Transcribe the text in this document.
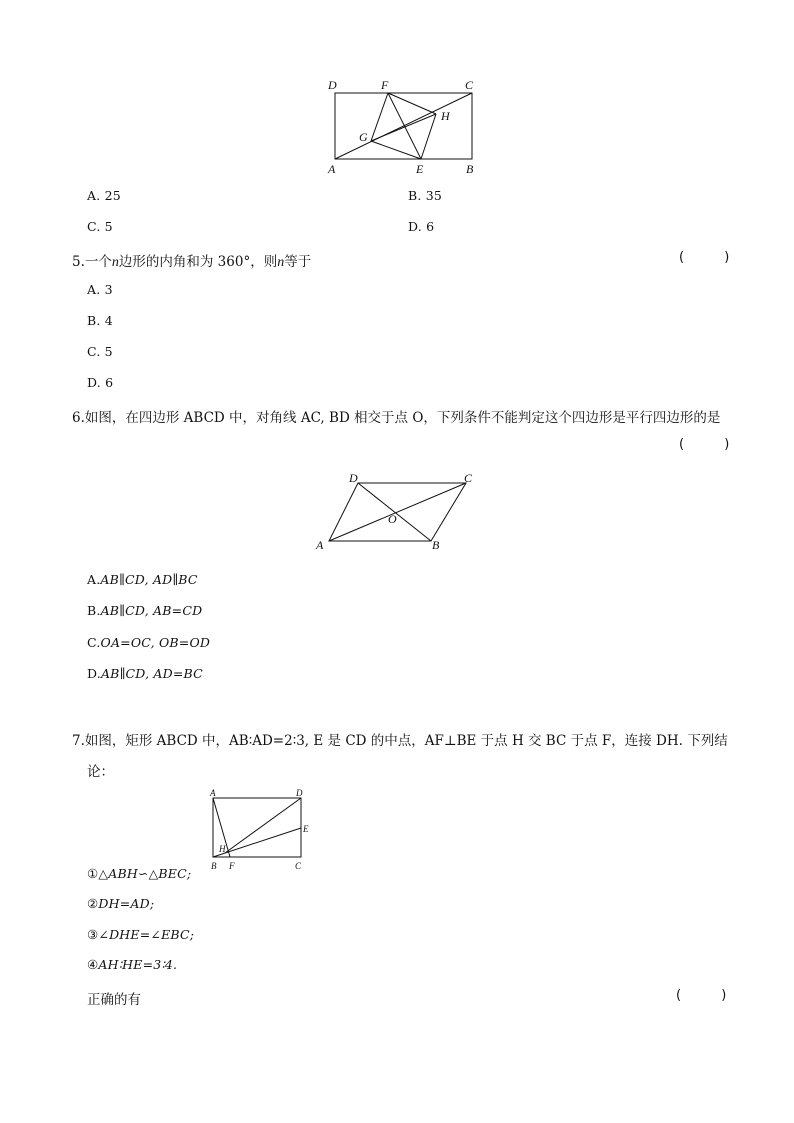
D	F	C
G
H
A	E	B
A. 25	B. 35
C. 5	D. 6
5.一个n边形的内角和为 360°，则n等于	( )
A. 3
B. 4
C. 5
D. 6
6.如图，在四边形 ABCD 中，对角线 AC, BD 相交于点 O，下列条件不能判定这个四边形是平行四边形的是
( )
D	C
O
A	B
A.AB∥CD, AD∥BC
B.AB∥CD, AB=CD
C.OA=OC, OB=OD
D.AB∥CD, AD=BC
7.如图，矩形 ABCD 中，AB∶AD=2∶3, E 是 CD 的中点，AF⊥BE 于点 H 交 BC 于点 F，连接 DH. 下列结
论：
A	D
E
H
B F	C
①△ABH∽△BEC;
②DH=AD;
③∠DHE=∠EBC;
④AH∶HE=3∶4.
正确的有	( )
